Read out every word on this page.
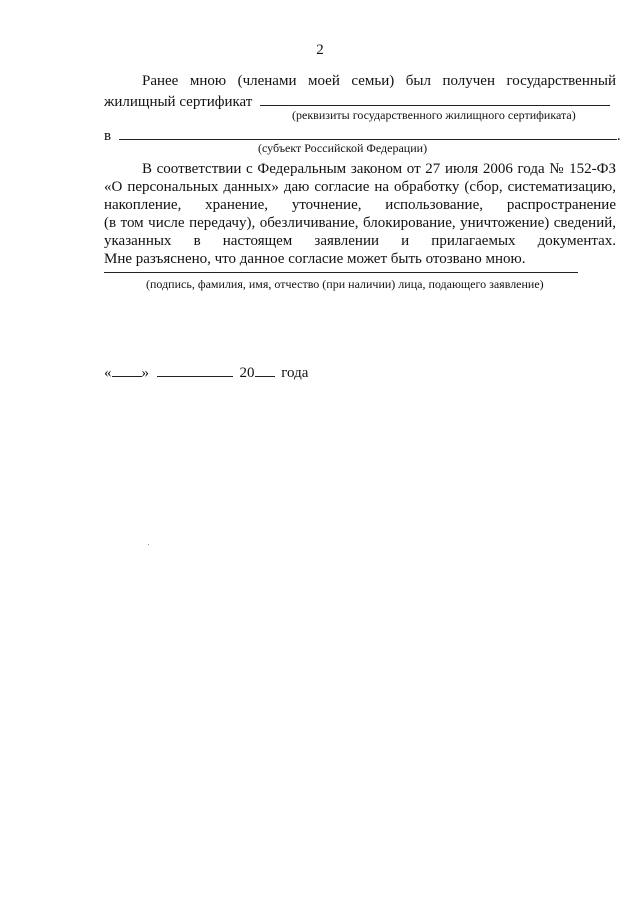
2
Ранее мною (членами моей семьи) был получен государственный
жилищный сертификат
(реквизиты государственного жилищного сертификата)
в	.
(субъект Российской Федерации)
В соответствии с Федеральным законом от 27 июля 2006 года № 152-ФЗ
«О персональных данных» даю согласие на обработку (сбор, систематизацию,
накопление, хранение, уточнение, использование, распространение
(в том числе передачу), обезличивание, блокирование, уничтожение) сведений,
указанных в настоящем заявлении и прилагаемых документах.
Мне разъяснено, что данное согласие может быть отозвано мною.
(подпись, фамилия, имя, отчество (при наличии) лица, подающего заявление)
« »	20 года
